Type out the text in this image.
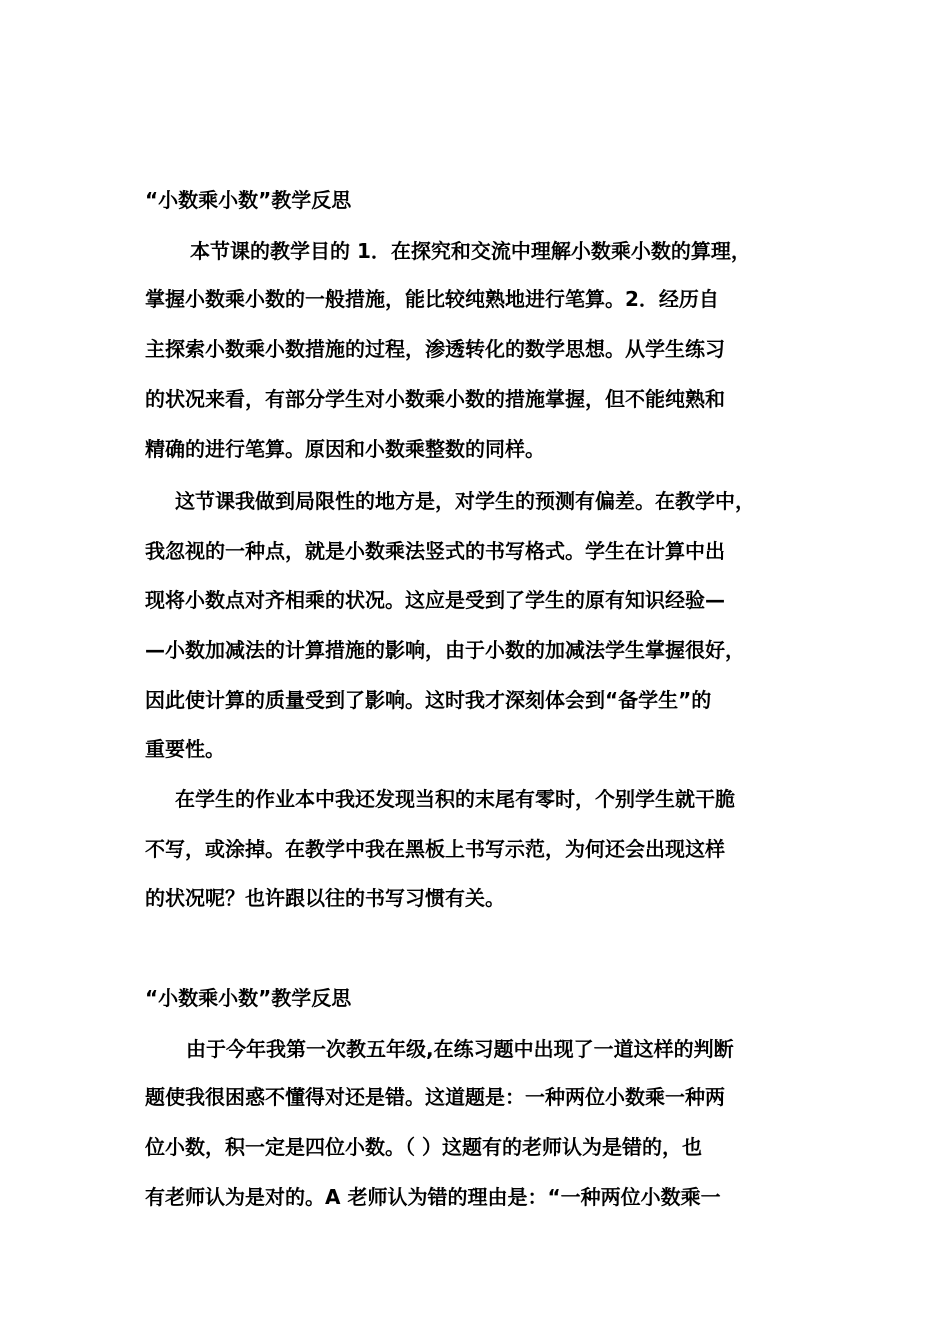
“小数乘小数”教学反思
本节课的教学目的 1．在探究和交流中理解小数乘小数的算理，
掌握小数乘小数的一般措施，能比较纯熟地进行笔算。2．经历自
主探索小数乘小数措施的过程，渗透转化的数学思想。从学生练习
的状况来看，有部分学生对小数乘小数的措施掌握，但不能纯熟和
精确的进行笔算。原因和小数乘整数的同样。
这节课我做到局限性的地方是，对学生的预测有偏差。在教学中，
我忽视的一种点，就是小数乘法竖式的书写格式。学生在计算中出
现将小数点对齐相乘的状况。这应是受到了学生的原有知识经验—
—小数加减法的计算措施的影响，由于小数的加减法学生掌握很好，
因此使计算的质量受到了影响。这时我才深刻体会到“备学生”的
重要性。
在学生的作业本中我还发现当积的末尾有零时，个别学生就干脆
不写，或涂掉。在教学中我在黑板上书写示范，为何还会出现这样
的状况呢？也许跟以往的书写习惯有关。
“小数乘小数”教学反思
由于今年我第一次教五年级,在练习题中出现了一道这样的判断
题使我很困惑不懂得对还是错。这道题是：一种两位小数乘一种两
位小数，积一定是四位小数。（ ）这题有的老师认为是错的，也
有老师认为是对的。A 老师认为错的理由是：“一种两位小数乘一
